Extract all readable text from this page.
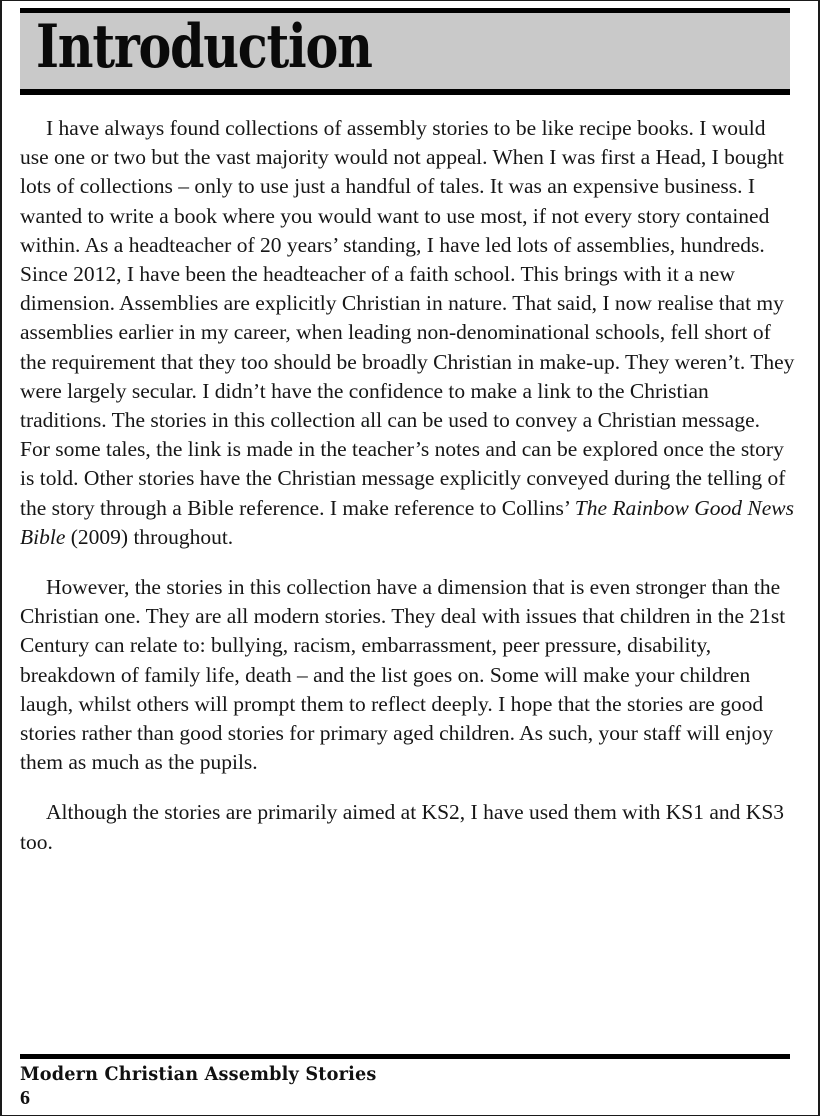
Introduction

I have always found collections of assembly stories to be like recipe books. I would use one or two but the vast majority would not appeal. When I was first a Head, I bought lots of collections – only to use just a handful of tales. It was an expensive business. I wanted to write a book where you would want to use most, if not every story contained within. As a headteacher of 20 years’ standing, I have led lots of assemblies, hundreds. Since 2012, I have been the headteacher of a faith school. This brings with it a new dimension. Assemblies are explicitly Christian in nature. That said, I now realise that my assemblies earlier in my career, when leading non-denominational schools, fell short of the requirement that they too should be broadly Christian in make-up. They weren’t. They were largely secular. I didn’t have the confidence to make a link to the Christian traditions. The stories in this collection all can be used to convey a Christian message. For some tales, the link is made in the teacher’s notes and can be explored once the story is told. Other stories have the Christian message explicitly conveyed during the telling of the story through a Bible reference. I make reference to Collins’ The Rainbow Good News Bible (2009) throughout.

However, the stories in this collection have a dimension that is even stronger than the Christian one. They are all modern stories. They deal with issues that children in the 21st Century can relate to: bullying, racism, embarrassment, peer pressure, disability, breakdown of family life, death – and the list goes on. Some will make your children laugh, whilst others will prompt them to reflect deeply. I hope that the stories are good stories rather than good stories for primary aged children. As such, your staff will enjoy them as much as the pupils.

Although the stories are primarily aimed at KS2, I have used them with KS1 and KS3 too.

Modern Christian Assembly Stories
6
